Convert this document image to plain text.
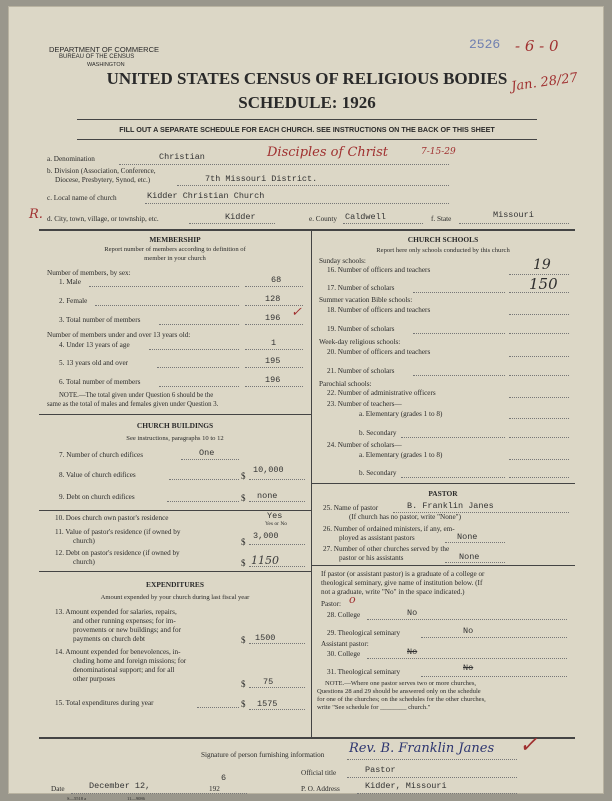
DEPARTMENT OF COMMERCE
BUREAU OF THE CENSUS
WASHINGTON
2526 - 6 - 0
Jan. 28/27
UNITED STATES CENSUS OF RELIGIOUS BODIES
SCHEDULE: 1926
FILL OUT A SEPARATE SCHEDULE FOR EACH CHURCH. SEE INSTRUCTIONS ON THE BACK OF THIS SHEET
a. Denomination	Christian	Disciples of Christ	7-15-29
b. Division (Association, Conference,
Diocese, Presbytery, Synod, etc.)	7th Missouri District.
c. Local name of church	Kidder Christian Church
R. d. City, town, village, or township, etc.	Kidder	e. County Caldwell	f. State	Missouri
MEMBERSHIP
Report number of members according to definition of
member in your church
Number of members, by sex:
1. Male	68
2. Female	128
3. Total number of members	196 ✓
Number of members under and over 13 years old:
4. Under 13 years of age	1
5. 13 years old and over	195
6. Total number of members	196
NOTE.—The total given under Question 6 should be the
same as the total of males and females given under Question 3.
CHURCH BUILDINGS
See instructions, paragraphs 10 to 12
7. Number of church edifices	One
8. Value of church edifices	$
10,000
9. Debt on church edifices	$ none
10. Does church own pastor's residence	Yes
Yes or No
11. Value of pastor's residence (if owned by
church)	$
3,000
12. Debt on pastor's residence (if owned by
church)	$ 1150
EXPENDITURES
Amount expended by your church during last fiscal year
13. Amount expended for salaries, repairs,
and other running expenses; for im-
provements or new buildings; and for
payments on church debt	$ 1500
14. Amount expended for benevolences, in-
cluding home and foreign missions; for
denominational support; and for all
other purposes	$ 75
15. Total expenditures during year	$ 1575
CHURCH SCHOOLS
Report here only schools conducted by this church
Sunday schools:
16. Number of officers and teachers	19
17. Number of scholars	150
Summer vacation Bible schools:
18. Number of officers and teachers
19. Number of scholars
Week-day religious schools:
20. Number of officers and teachers
21. Number of scholars
Parochial schools:
22. Number of administrative officers
23. Number of teachers—
a. Elementary (grades 1 to 8)
b. Secondary
24. Number of scholars—
a. Elementary (grades 1 to 8)
b. Secondary
PASTOR
25. Name of pastor	B. Franklin Janes
(If church has no pastor, write "None")
26. Number of ordained ministers, if any, em-
ployed as assistant pastors	None
27. Number of other churches served by the
pastor or his assistants	None
If pastor (or assistant pastor) is a graduate of a college or
theological seminary, give name of institution below. (If
not a graduate, write "No" in the space indicated.)
Pastor: o
28. College	No
29. Theological seminary	No
Assistant pastor:
30. College	No
31. Theological seminary	No
NOTE.—Where one pastor serves two or more churches,
Questions 28 and 29 should be answered only on the schedule
for one of the churches; on the schedules for the other churches,
write "See schedule for ________ church."
Signature of person furnishing information Rev. B. Franklin Janes ✓
Official title	Pastor
Date	December 12,	192
6
P. O. Address	Kidder, Missouri
S—5518 a	11—9086
